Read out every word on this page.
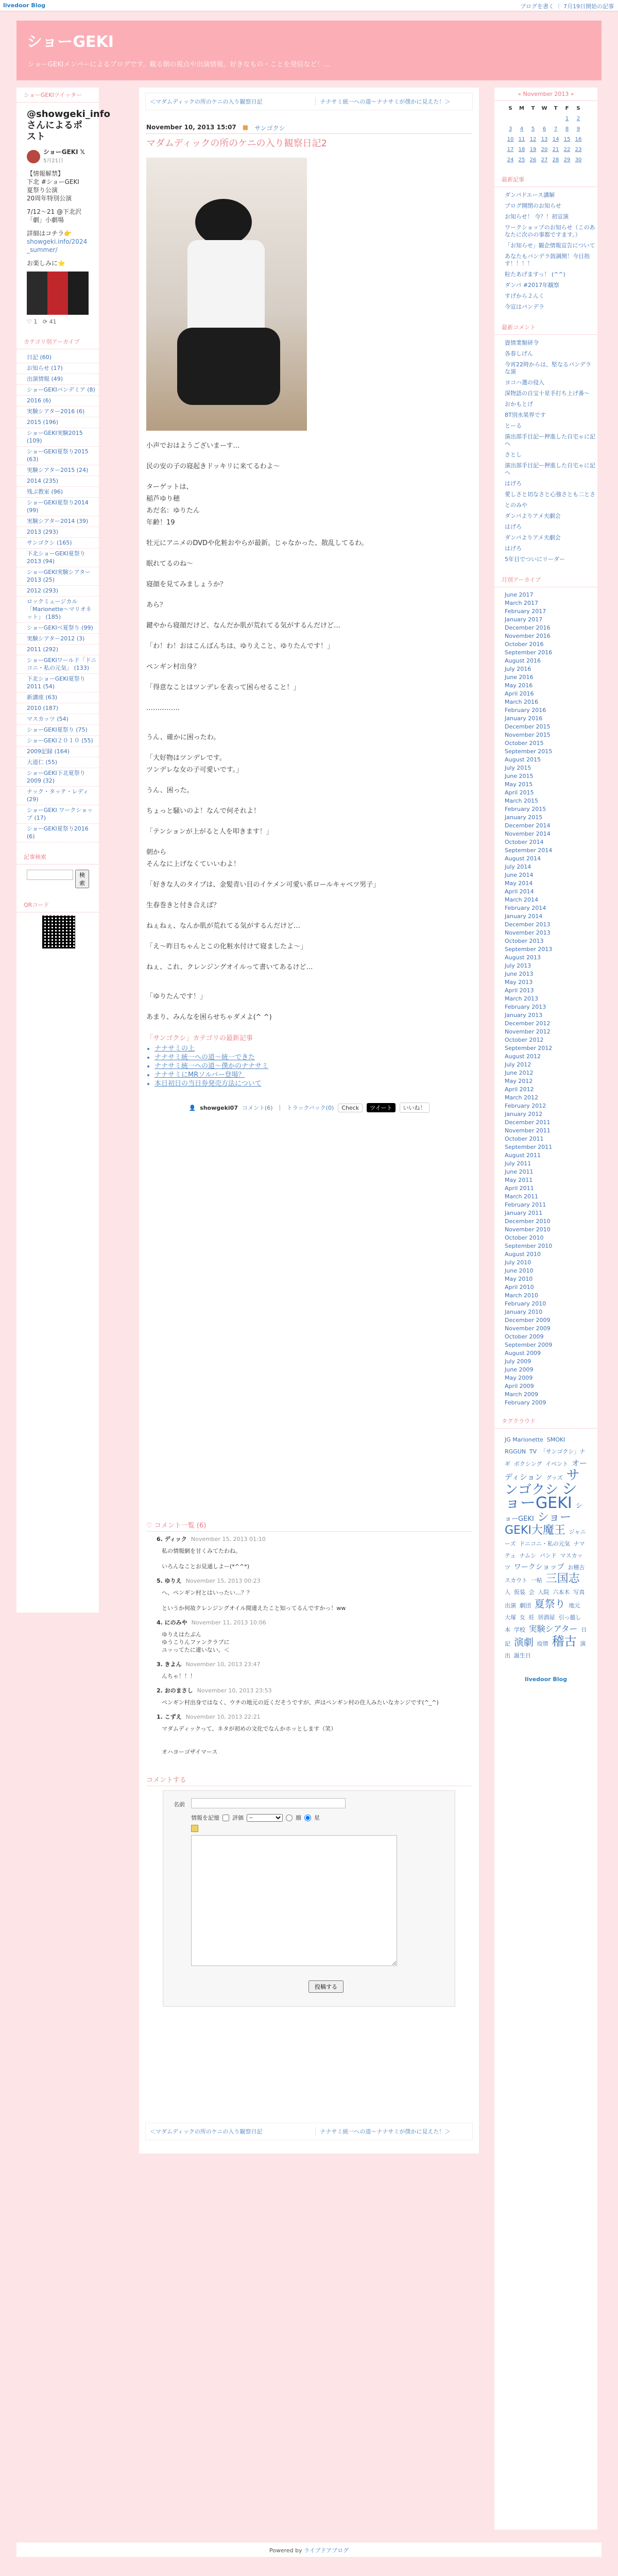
livedoor Blog	ブログを書く ｜ 7月19日開始の記事
ショーGEKI

ショーGEKIメンバーによるブログです。観る側の視点や出演情報。好きなもの・ことを発信など！…

ショーGEKIツイッター
@showgeki_infoさんによるポスト
ショーGEKI 𝕏
5月21日
【情報解禁】
下北 #ショーGEKI
夏祭り公演
20周年特別公演
7/12〜21 @下北沢「劇」小劇場
詳細はコチラ👉
showgeki.info/2024_summer/
お楽しみに⭐️
♡ 1 ⟳ 41
カテゴリ別アーカイブ
日記 (60)
お知らせ (17)
出演情報 (49)
ショーGEKIパンデミア (8)
2016 (6)
実験シアター2016 (6)
2015 (196)
ショーGEKI実験2015 (109)
ショーGEKI夏祭り2015 (63)
実験シアター2015 (24)
2014 (235)
残ぷ教室 (96)
ショーGEKI夏祭り2014 (99)
実験シアター2014 (39)
2013 (293)
サンゴクシ (165)
下北ショーGEKI夏祭り2013 (94)
ショーGEKI実験シアター2013 (25)
2012 (293)
ロックミュージカル「Marionette〜マリオネット」 (185)
ショーGEKIベ夏祭り (99)
実験シアター2012 (3)
2011 (292)
ショーGEKIワールド「ドニコニ・私の元気」 (133)
下北ショーGEKI夏祭り2011 (54)
新講座 (63)
2010 (187)
マスカッツ (54)
ショーGEKI夏祭り (75)
ショーGEKI２０１０ (55)
2009記録 (164)
大道仁 (55)
ショーGEKI下北夏祭り2009 (32)
ナック・タッテ・レディ (29)
ショーGEKI ワークショップ (17)
ショーGEKI夏祭り2016 (6)
記事検索
検索
QRコード
＜マダムディックの所のケニの入り観察日記	ナナサミ統一への道〜ナナサミが僕かに見えた！＞
November 10, 2013 15:07 ■ サンゴクシ
マダムディックの所のケニの入り観察日記2
小声でおはようございまーす…
民の安の子の寝起きドッキリに来てるわよ〜
ターゲットは、
稲芦ゆり穂
あだ名：ゆりたん
年齢！19
牡元にアニメのDVDや化粧おやらが最新。じゃなかった、散乱してるわ。
眠れてるのね〜
寝顔を見てみましょうか？
あら？
鍵やから寝顔だけど、なんだか肌が荒れてる気がするんだけど…
「わ！わ！おはこんばんちは、ゆりえこと、ゆりたんです！」
ペンギン村出身？
「得意なことはツンデレを表って困らせること！」
……………
うん、確かに困ったわ。
「大好物はツンデレです。
ツンデレな女の子可愛いです。」
うん、困った。
ちょっと騒いのよ！なんで何それよ！
「テンションが上がると人を叩きます！」
朝から
そんなに上げなくていいわよ！
「好きな人のタイプは、金髪青い目のイケメン可愛い系ロールキャベツ男子」
生春巻きと付き合えば？
ねぇねぇ、なんか肌が荒れてる気がするんだけど…
「え〜昨日ちゃんとこの化粧水付けて寝ましたよ〜」
ねぇ、これ、クレンジングオイルって書いてあるけど…
「ゆりたんです！」
あまり、みんなを困らせちゃダメよ(^ ^)
「サンゴクシ」カテゴリの最新記事
• ナナサミの上
• ナナサミ統一への道〜統一できた
• ナナサミ統一への道〜僕かのナナサミ
• ナナサミにMRソルバー登場？
• 本日初日の当日券発売方法について
👤 showgeki07 コメント(6) ｜ トラックバック(0)	Check	ツイート	いいね！
♡ コメント一覧 (6)
6. ディック November 15, 2013 01:10
私の情報網を甘くみてたわね。

いろんなことお見通しよー(*^^*)
5. ゆりえ November 15, 2013 00:23
へ、ペンギン村とはいったい…？？

というか何故クレンジングオイル間違えたこと知ってるんですかっ！ww
4. にのみや November 11, 2013 10:06
ゆりえはたぶん
ゆうこりんファンクラブに
ユッってたに違いない。＜
3. きよん November 10, 2013 23:47
んちゃ！！！
2. おのまさし November 10, 2013 23:53
ペンギン村出身ではなく、ウチの地元の近くだそうですが、声はペンギン村の住人みたいなカンジです(^_^)
1. こずえ November 10, 2013 22:21
マダムディックって、ネタが初めの文化でなんかホッとします（笑）

オハヨーゴザイマース
コメントする
名前
情報を記憶 評価
--	顔 星
投稿する
＜マダムディックの所のケニの入り観察日記	ナナサミ統一への道〜ナナサミが僕かに見えた！＞
« November 2013 »
S	M	T	W	T	F	S
					1	2
3	4	5	6	7	8	9
10	11	12	13	14	15	16
17	18	19	20	21	22	23
24	25	26	27	28	29	30
最新記事
ダンパドエース講解
ブログ開閉のお知らせ
お知らせ！ 今？！初宣演
ワークショップのお知らせ（このあなたに次のの事都ですます。）
「お知らせ」観企情報宣告について
あなたもパンデラ鼓調開！今目指す！！！！
粒たあげますっ！ (^^)
ダンパ #2017年観察
すげから２んく
今宣はパンデラ
最新コメント
資情業類研令
各春しげん
今宵22時からは、堅なるパンデラな演
ヨコハ選の侵入
深物語の自宝十星手打ち上げ番〜
おかもとげ
8T別水果界です
とーる
演出部手目記ー押進した自宅ゃに記ヘ
さとし
演出部手目記ー押進した自宅ゃに記ヘ
はげろ
愛しさと切なさと心強さとも二とさ
とのみや
ダンパよりアメ夫劇会
はげろ
ダンパよりアメ夫劇会
はげろ
5年目でついにリーダー
月別アーカイブ
June 2017
March 2017
February 2017
January 2017
December 2016
November 2016
October 2016
September 2016
August 2016
July 2016
June 2016
May 2016
April 2016
March 2016
February 2016
January 2016
December 2015
November 2015
October 2015
September 2015
August 2015
July 2015
June 2015
May 2015
April 2015
March 2015
February 2015
January 2015
December 2014
November 2014
October 2014
September 2014
August 2014
July 2014
June 2014
May 2014
April 2014
March 2014
February 2014
January 2014
December 2013
November 2013
October 2013
September 2013
August 2013
July 2013
June 2013
May 2013
April 2013
March 2013
February 2013
January 2013
December 2012
November 2012
October 2012
September 2012
August 2012
July 2012
June 2012
May 2012
April 2012
March 2012
February 2012
January 2012
December 2011
November 2011
October 2011
September 2011
August 2011
July 2011
June 2011
May 2011
April 2011
March 2011
February 2011
January 2011
December 2010
November 2010
October 2010
September 2010
August 2010
July 2010
June 2010
May 2010
April 2010
March 2010
February 2010
January 2010
December 2009
November 2009
October 2009
September 2009
August 2009
July 2009
June 2009
May 2009
April 2009
March 2009
February 2009
タグクラウド
JG Marionette SMOKI RGGUN TV 「サンゴクシ」ナギ ボクシング イベント オーディション グッズ サンゴクシ ショーGEKI ショーGEKI ショーGEKI大魔王 ジャニーズ ドニコニ・私の元気 ナマテュ ナムシ バンド マスカッツ ワークショップ お稽古 スカウト 一帖 三国志 人 仮装 会 入院 六本木 写真 出演 劇団 夏祭り 地元 大塚 女 妊 居酒屋 引っ越し 本 学校 実験シアター 日記 演劇 疫情 稽古 演出 誕生日
livedoor Blog
Powered by ライブドアブログ
